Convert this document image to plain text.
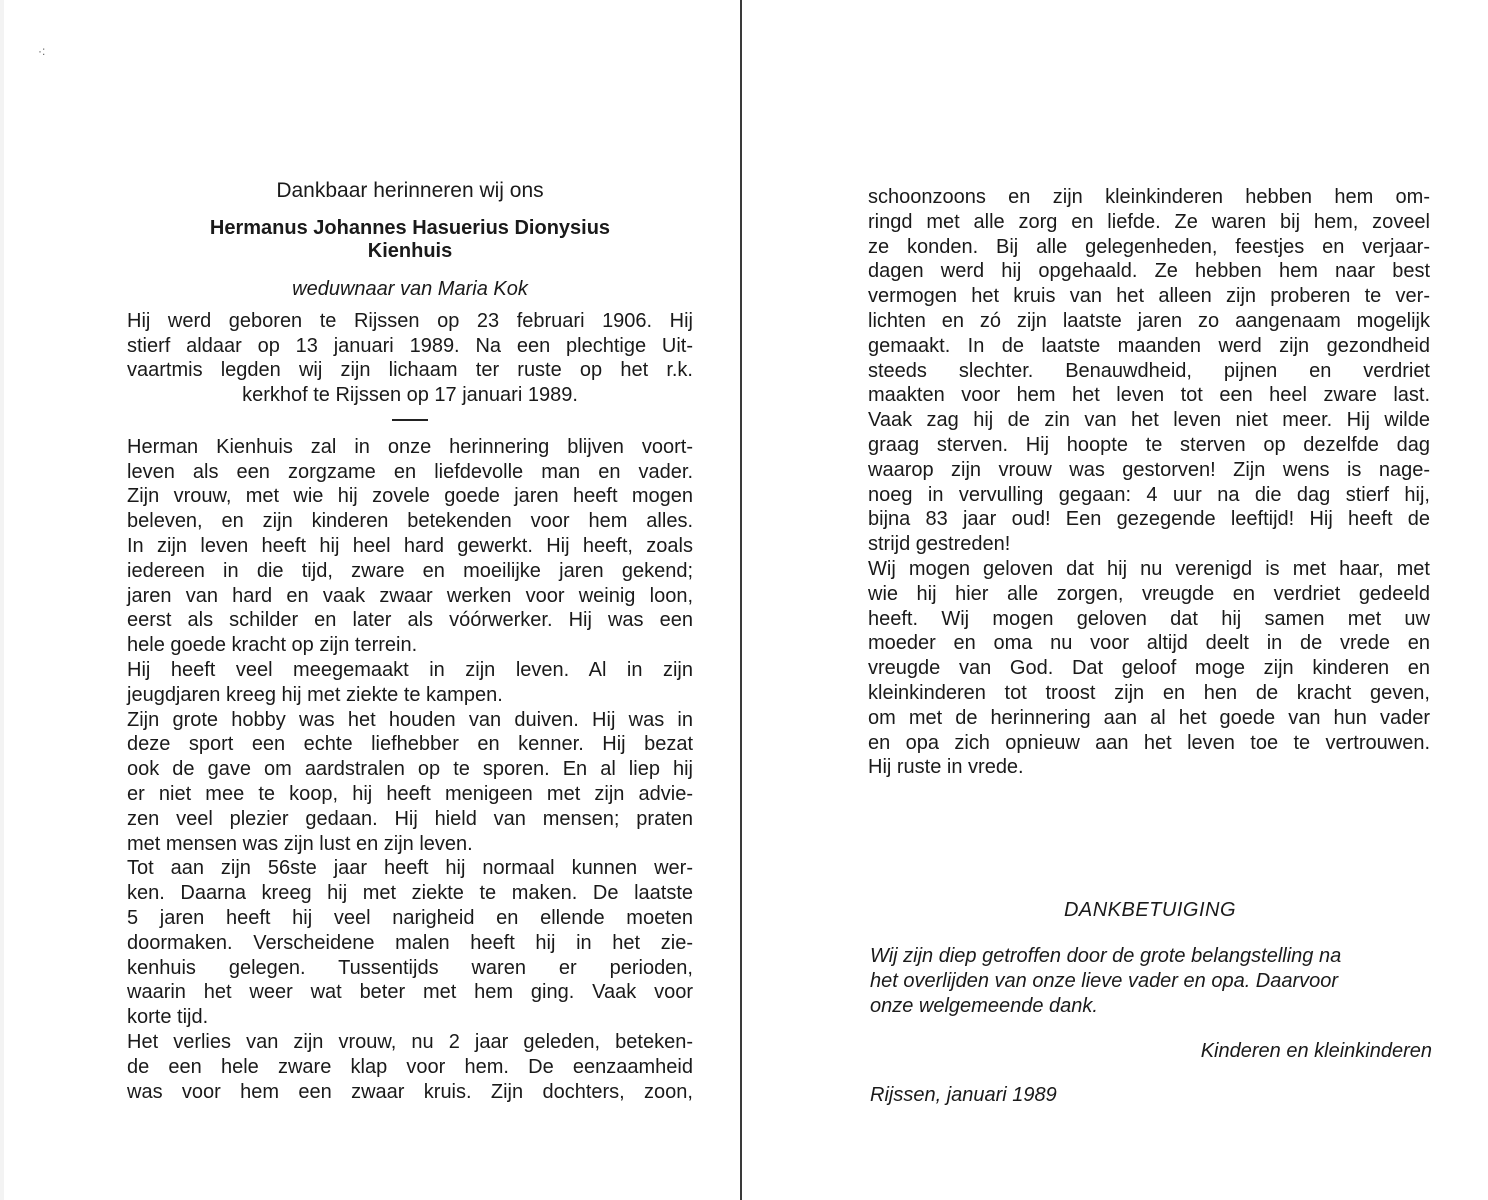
·:

Dankbaar herinneren wij ons

Hermanus Johannes Hasuerius Dionysius
Kienhuis

weduwnaar van Maria Kok

Hij werd geboren te Rijssen op 23 februari 1906. Hij
stierf aldaar op 13 januari 1989. Na een plechtige Uit-
vaartmis legden wij zijn lichaam ter ruste op het r.k.
kerkhof te Rijssen op 17 januari 1989.
Herman Kienhuis zal in onze herinnering blijven voort-
leven als een zorgzame en liefdevolle man en vader.
Zijn vrouw, met wie hij zovele goede jaren heeft mogen
beleven, en zijn kinderen betekenden voor hem alles.
In zijn leven heeft hij heel hard gewerkt. Hij heeft, zoals
iedereen in die tijd, zware en moeilijke jaren gekend;
jaren van hard en vaak zwaar werken voor weinig loon,
eerst als schilder en later als vóórwerker. Hij was een
hele goede kracht op zijn terrein.
Hij heeft veel meegemaakt in zijn leven. Al in zijn
jeugdjaren kreeg hij met ziekte te kampen.
Zijn grote hobby was het houden van duiven. Hij was in
deze sport een echte liefhebber en kenner. Hij bezat
ook de gave om aardstralen op te sporen. En al liep hij
er niet mee te koop, hij heeft menigeen met zijn advie-
zen veel plezier gedaan. Hij hield van mensen; praten
met mensen was zijn lust en zijn leven.
Tot aan zijn 56ste jaar heeft hij normaal kunnen wer-
ken. Daarna kreeg hij met ziekte te maken. De laatste
5 jaren heeft hij veel narigheid en ellende moeten
doormaken. Verscheidene malen heeft hij in het zie-
kenhuis gelegen. Tussentijds waren er perioden,
waarin het weer wat beter met hem ging. Vaak voor
korte tijd.
Het verlies van zijn vrouw, nu 2 jaar geleden, beteken-
de een hele zware klap voor hem. De eenzaamheid
was voor hem een zwaar kruis. Zijn dochters, zoon,
schoonzoons en zijn kleinkinderen hebben hem om-
ringd met alle zorg en liefde. Ze waren bij hem, zoveel
ze konden. Bij alle gelegenheden, feestjes en verjaar-
dagen werd hij opgehaald. Ze hebben hem naar best
vermogen het kruis van het alleen zijn proberen te ver-
lichten en zó zijn laatste jaren zo aangenaam mogelijk
gemaakt. In de laatste maanden werd zijn gezondheid
steeds slechter. Benauwdheid, pijnen en verdriet
maakten voor hem het leven tot een heel zware last.
Vaak zag hij de zin van het leven niet meer. Hij wilde
graag sterven. Hij hoopte te sterven op dezelfde dag
waarop zijn vrouw was gestorven! Zijn wens is nage-
noeg in vervulling gegaan: 4 uur na die dag stierf hij,
bijna 83 jaar oud! Een gezegende leeftijd! Hij heeft de
strijd gestreden!
Wij mogen geloven dat hij nu verenigd is met haar, met
wie hij hier alle zorgen, vreugde en verdriet gedeeld
heeft. Wij mogen geloven dat hij samen met uw
moeder en oma nu voor altijd deelt in de vrede en
vreugde van God. Dat geloof moge zijn kinderen en
kleinkinderen tot troost zijn en hen de kracht geven,
om met de herinnering aan al het goede van hun vader
en opa zich opnieuw aan het leven toe te vertrouwen.
Hij ruste in vrede.

DANKBETUIGING

Wij zijn diep getroffen door de grote belangstelling na
het overlijden van onze lieve vader en opa. Daarvoor
onze welgemeende dank.

Kinderen en kleinkinderen

Rijssen, januari 1989
